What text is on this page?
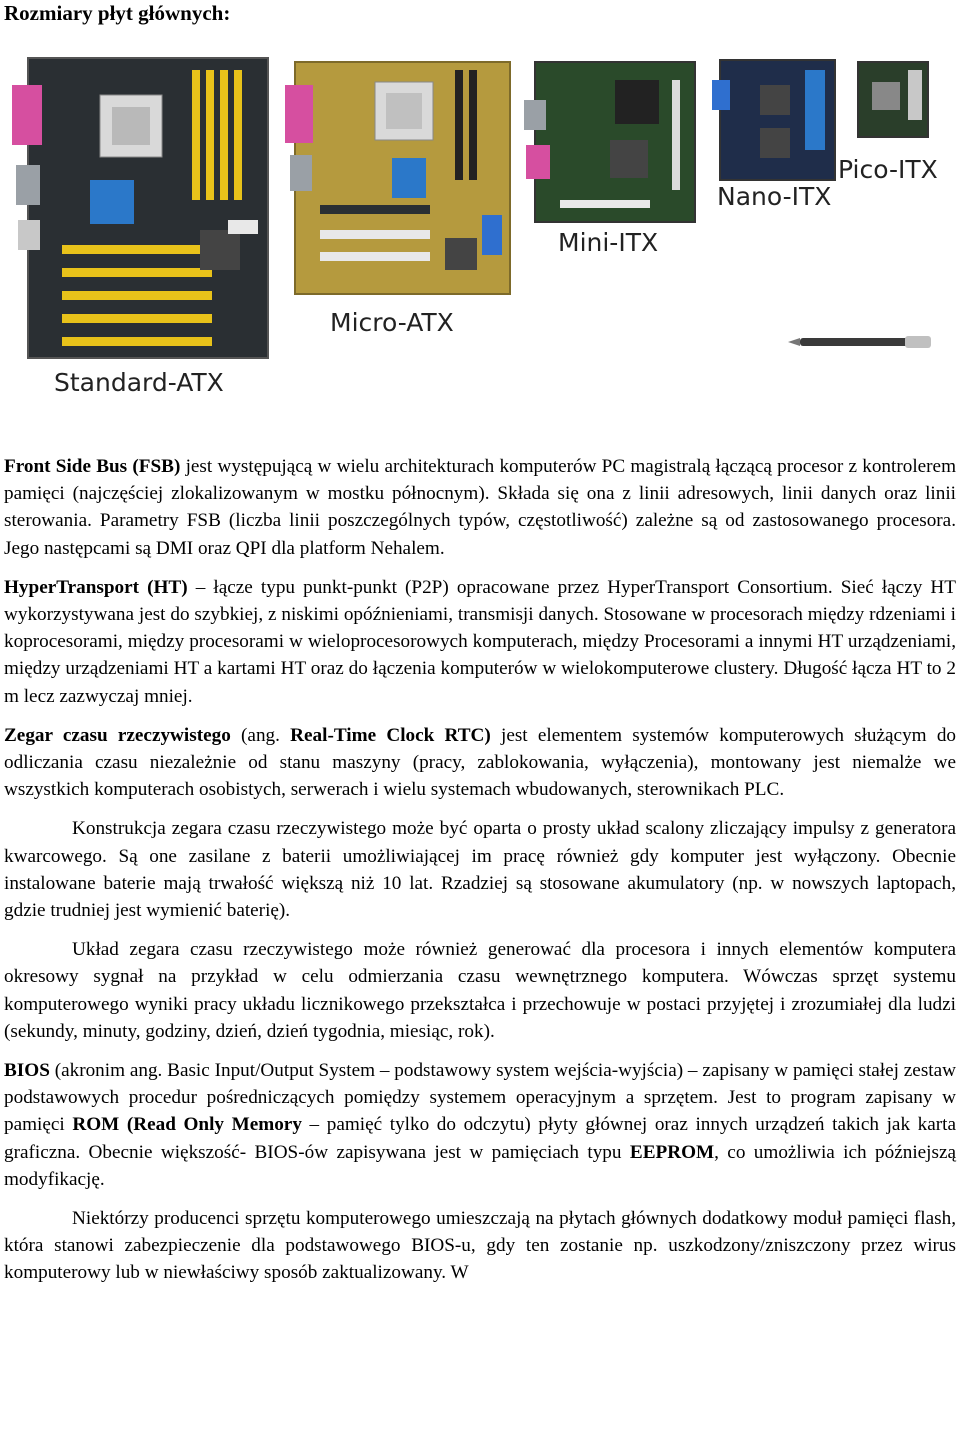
Rozmiary płyt głównych:
Standard-ATX
Micro-ATX
Mini-ITX
Nano-ITX
Pico-ITX

Front Side Bus (FSB) jest występującą w wielu architekturach komputerów PC magistralą łączącą procesor z kontrolerem pamięci (najczęściej zlokalizowanym w mostku północnym). Składa się ona z linii adresowych, linii danych oraz linii sterowania. Parametry FSB (liczba linii poszczególnych typów, częstotliwość) zależne są od zastosowanego procesora. Jego następcami są DMI oraz QPI dla platform Nehalem.

HyperTransport (HT) – łącze typu punkt-punkt (P2P) opracowane przez HyperTransport Consortium. Sieć łączy HT wykorzystywana jest do szybkiej, z niskimi opóźnieniami, transmisji danych. Stosowane w procesorach między rdzeniami i koprocesorami, między procesorami w wieloprocesorowych komputerach, między Procesorami a innymi HT urządzeniami, między urządzeniami HT a kartami HT oraz do łączenia komputerów w wielokomputerowe clustery. Długość łącza HT to 2 m lecz zazwyczaj mniej.

Zegar czasu rzeczywistego (ang. Real-Time Clock RTC) jest elementem systemów komputerowych służącym do odliczania czasu niezależnie od stanu maszyny (pracy, zablokowania, wyłączenia), montowany jest niemalże we wszystkich komputerach osobistych, serwerach i wielu systemach wbudowanych, sterownikach PLC.

Konstrukcja zegara czasu rzeczywistego może być oparta o prosty układ scalony zliczający impulsy z generatora kwarcowego. Są one zasilane z baterii umożliwiającej im pracę również gdy komputer jest wyłączony. Obecnie instalowane baterie mają trwałość większą niż 10 lat. Rzadziej są stosowane akumulatory (np. w nowszych laptopach, gdzie trudniej jest wymienić baterię).

Układ zegara czasu rzeczywistego może również generować dla procesora i innych elementów komputera okresowy sygnał na przykład w celu odmierzania czasu wewnętrznego komputera. Wówczas sprzęt systemu komputerowego wyniki pracy układu licznikowego przekształca i przechowuje w postaci przyjętej i zrozumiałej dla ludzi (sekundy, minuty, godziny, dzień, dzień tygodnia, miesiąc, rok).

BIOS (akronim ang. Basic Input/Output System – podstawowy system wejścia-wyjścia) – zapisany w pamięci stałej zestaw podstawowych procedur pośredniczących pomiędzy systemem operacyjnym a sprzętem. Jest to program zapisany w pamięci ROM (Read Only Memory – pamięć tylko do odczytu) płyty głównej oraz innych urządzeń takich jak karta graficzna. Obecnie większość- BIOS-ów zapisywana jest w pamięciach typu EEPROM, co umożliwia ich późniejszą modyfikację.

Niektórzy producenci sprzętu komputerowego umieszczają na płytach głównych dodatkowy moduł pamięci flash, która stanowi zabezpieczenie dla podstawowego BIOS-u, gdy ten zostanie np. uszkodzony/zniszczony przez wirus komputerowy lub w niewłaściwy sposób zaktualizowany. W
